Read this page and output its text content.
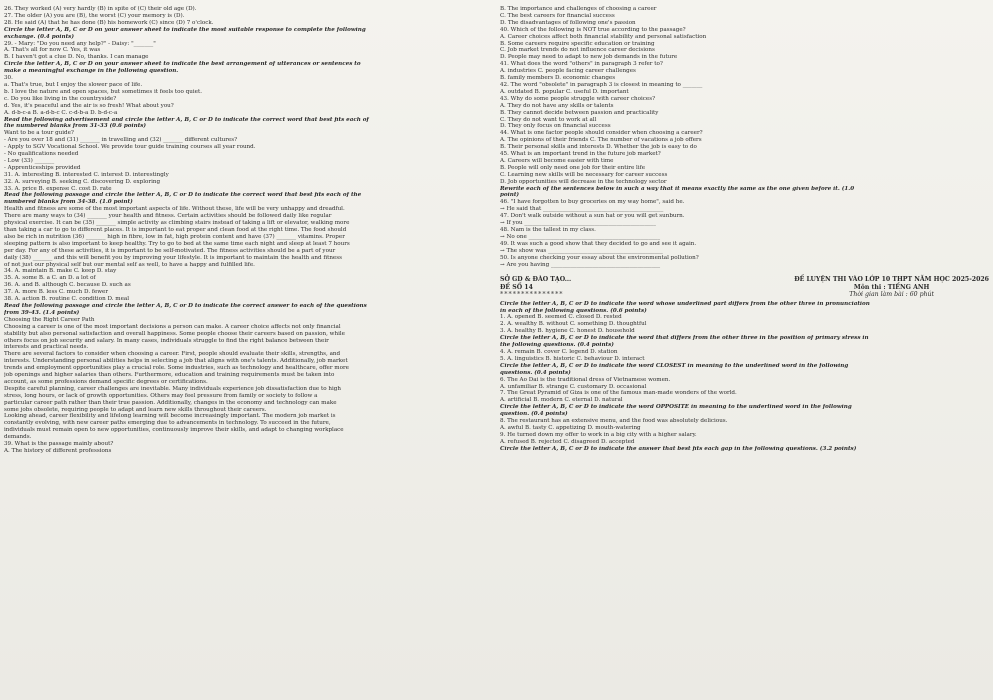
26. They worked (A) very hardly (B) in spite of (C) their old age (D).
27. The older (A) you are (B), the worst (C) your memory is (D).
28. He said (A) that he has done (B) his homework (C) since (D) 7 o'clock.
Circle the letter A, B, C or D on your answer sheet to indicate the most suitable response to complete the following
exchange. (0.4 points)
29. - Mary: "Do you need any help?" - Daisy: "_______"
A. That's all for now C. Yes, it was
B. I haven't got a clue D. No, thanks. I can manage
Circle the letter A, B, C or D on your answer sheet to indicate the best arrangement of utterances or sentences to
make a meaningful exchange in the following question.
30.
a. That's true, but I enjoy the slower pace of life.
b. I love the nature and open spaces, but sometimes it feels too quiet.
c. Do you like living in the countryside?
d. Yes, it's peaceful and the air is so fresh! What about you?
A. d-b-c-a B. a-d-b-c C. c-d-b-a D. b-d-c-a
Read the following advertisement and circle the letter A, B, C or D to indicate the correct word that best fits each of
the numbered blanks from 31-33 (0.6 points)
Want to be a tour guide?
- Are you over 18 and (31) _______ in travelling and (32) _______ different cultures?
- Apply to SGV Vocational School. We provide tour guide training courses all year round.
- No qualifications needed
- Low (33) _______
- Apprenticeships provided
31. A. interesting B. interested C. interest D. interestingly
32. A. surveying B. seeking C. discovering D. exploring
33. A. price B. expense C. cost D. rate
Read the following passage and circle the letter A, B, C or D to indicate the correct word that best fits each of the
numbered blanks from 34-38. (1.0 point)
Health and fitness are some of the most important aspects of life. Without these, life will be very unhappy and dreadful.
There are many ways to (34) _______ your health and fitness. Certain activities should be followed daily like regular
physical exercise. It can be (35) _______ simple activity as climbing stairs instead of taking a lift or elevator, walking more
than taking a car to go to different places. It is important to eat proper and clean food at the right time. The food should
also be rich in nutrition (36) _______ high in fibre, low in fat, high protein content and have (37) _______ vitamins. Proper
sleeping pattern is also important to keep healthy. Try to go to bed at the same time each night and sleep at least 7 hours
per day. For any of these activities, it is important to be self-motivated. The fitness activities should be a part of your
daily (38) _______ and this will benefit you by improving your lifestyle. It is important to maintain the health and fitness
of not just our physical self but our mental self as well, to have a happy and fulfilled life.
34. A. maintain B. make C. keep D. stay
35. A. some B. a C. an D. a lot of
36. A. and B. although C. because D. such as
37. A. more B. less C. much D. fewer
38. A. action B. routine C. condition D. meal
Read the following passage and circle the letter A, B, C or D to indicate the correct answer to each of the questions
from 39-43. (1.4 points)
Choosing the Right Career Path
Choosing a career is one of the most important decisions a person can make. A career choice affects not only financial
stability but also personal satisfaction and overall happiness. Some people choose their careers based on passion, while
others focus on job security and salary. In many cases, individuals struggle to find the right balance between their
interests and practical needs.
There are several factors to consider when choosing a career. First, people should evaluate their skills, strengths, and
interests. Understanding personal abilities helps in selecting a job that aligns with one's talents. Additionally, job market
trends and employment opportunities play a crucial role. Some industries, such as technology and healthcare, offer more
job openings and higher salaries than others. Furthermore, education and training requirements must be taken into
account, as some professions demand specific degrees or certifications.
Despite careful planning, career challenges are inevitable. Many individuals experience job dissatisfaction due to high
stress, long hours, or lack of growth opportunities. Others may feel pressure from family or society to follow a
particular career path rather than their true passion. Additionally, changes in the economy and technology can make
some jobs obsolete, requiring people to adapt and learn new skills throughout their careers.
Looking ahead, career flexibility and lifelong learning will become increasingly important. The modern job market is
constantly evolving, with new career paths emerging due to advancements in technology. To succeed in the future,
individuals must remain open to new opportunities, continuously improve their skills, and adapt to changing workplace
demands.
39. What is the passage mainly about?
A. The history of different professions
B. The importance and challenges of choosing a career
C. The best careers for financial success
D. The disadvantages of following one's passion
40. Which of the following is NOT true according to the passage?
A. Career choices affect both financial stability and personal satisfaction
B. Some careers require specific education or training
C. Job market trends do not influence career decisions
D. People may need to adapt to new job demands in the future
41. What does the word "others" in paragraph 3 refer to?
A. industries C. people facing career challenges
B. family members D. economic changes
42. The word "obsolete" in paragraph 3 is closest in meaning to _______
A. outdated B. popular C. useful D. important
43. Why do some people struggle with career choices?
A. They do not have any skills or talents
B. They cannot decide between passion and practicality
C. They do not want to work at all
D. They only focus on financial success
44. What is one factor people should consider when choosing a career?
A. The opinions of their friends C. The number of vacations a job offers
B. Their personal skills and interests D. Whether the job is easy to do
45. What is an important trend in the future job market?
A. Careers will become easier with time
B. People will only need one job for their entire life
C. Learning new skills will be necessary for career success
D. Job opportunities will decrease in the technology sector
Rewrite each of the sentences below in such a way that it means exactly the same as the one given before it. (1.0
point)
46. "I have forgotten to buy groceries on my way home", said he.
→ He said that ___________________________________________
47. Don't walk outside without a sun hat or you will get sunburn.
→ If you _______________________________________________
48. Nam is the tallest in my class.
→ No one _______________________________________________
49. It was such a good show that they decided to go and see it again.
→ The show was _________________________________________
50. Is anyone checking your essay about the environmental pollution?
→ Are you having _______________________________________
SỞ GD & ĐÀO TẠO...
ĐỀ SỐ 14
***************
ĐỀ LUYỆN THI VÀO LỚP 10 THPT NĂM HỌC 2025-2026
Môn thi : TIẾNG ANH
Thời gian làm bài : 60 phút
Circle the letter A, B, C or D to indicate the word whose underlined part differs from the other three in pronunciation
in each of the following questions. (0.6 points)
1. A. opened B. seemed C. closed D. rested
2. A. wealthy B. without C. something D. thoughtful
3. A. healthy B. hygiene C. honest D. household
Circle the letter A, B, C or D to indicate the word that differs from the other three in the position of primary stress in
the following questions. (0.4 points)
4. A. remain B. cover C. legend D. station
5. A. linguistics B. historic C. behaviour D. interact
Circle the letter A, B, C or D to indicate the word CLOSEST in meaning to the underlined word in the following
questions. (0.4 points)
6. The Ao Dai is the traditional dress of Vietnamese women.
A. unfamiliar B. strange C. customary D. occasional
7. The Great Pyramid of Giza is one of the famous man-made wonders of the world.
A. artificial B. modern C. eternal D. natural
Circle the letter A, B, C or D to indicate the word OPPOSITE in meaning to the underlined word in the following
question. (0.4 points)
8. The restaurant has an extensive menu, and the food was absolutely delicious.
A. awful B. tasty C. appetizing D. mouth-watering
9. He turned down my offer to work in a big city with a higher salary.
A. refused B. rejected C. disagreed D. accepted
Circle the letter A, B, C or D to indicate the answer that best fits each gap in the following questions. (3.2 points)
